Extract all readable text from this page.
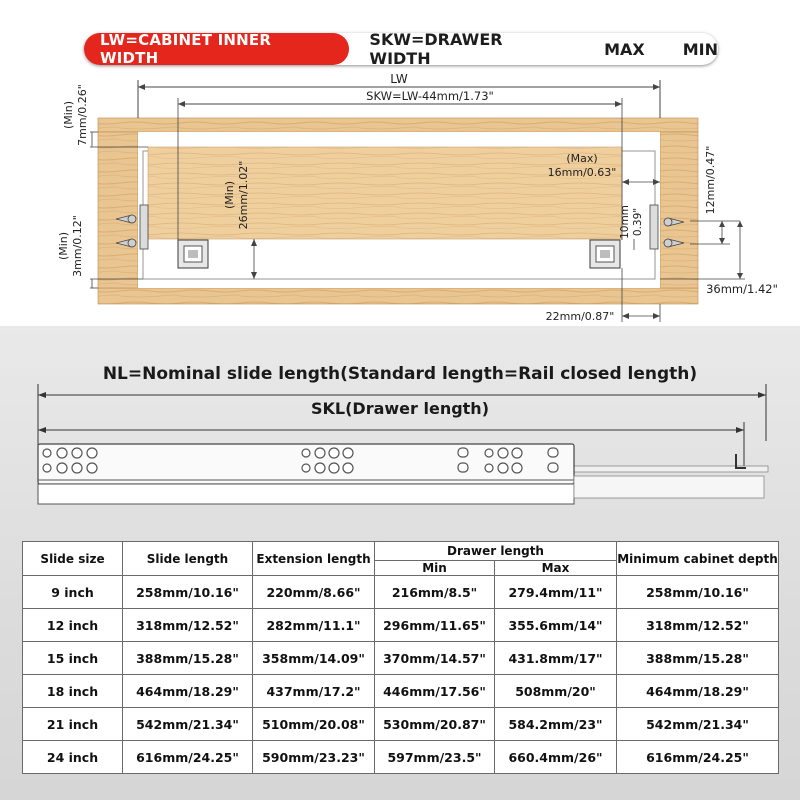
LW=CABINET INNER WIDTH
SKW=DRAWER WIDTH	MAX MIN
LW
SKW=LW-44mm/1.73"
(Min) 7mm/0.26"
(Min) 3mm/0.12"
(Min) 26mm/1.02"
(Max)
16mm/0.63"
10mm 0.39"
12mm/0.47"
36mm/1.42"
22mm/0.87"
NL=Nominal slide length(Standard length=Rail closed length)
SKL(Drawer length)
Slide size	Slide length	Extension length	Drawer length		Minimum cabinet depth
			Min	Max	
9 inch	258mm/10.16"	220mm/8.66"	216mm/8.5"	279.4mm/11"	258mm/10.16"
12 inch	318mm/12.52"	282mm/11.1"	296mm/11.65"	355.6mm/14"	318mm/12.52"
15 inch	388mm/15.28"	358mm/14.09"	370mm/14.57"	431.8mm/17"	388mm/15.28"
18 inch	464mm/18.29"	437mm/17.2"	446mm/17.56"	508mm/20"	464mm/18.29"
21 inch	542mm/21.34"	510mm/20.08"	530mm/20.87"	584.2mm/23"	542mm/21.34"
24 inch	616mm/24.25"	590mm/23.23"	597mm/23.5"	660.4mm/26"	616mm/24.25"
